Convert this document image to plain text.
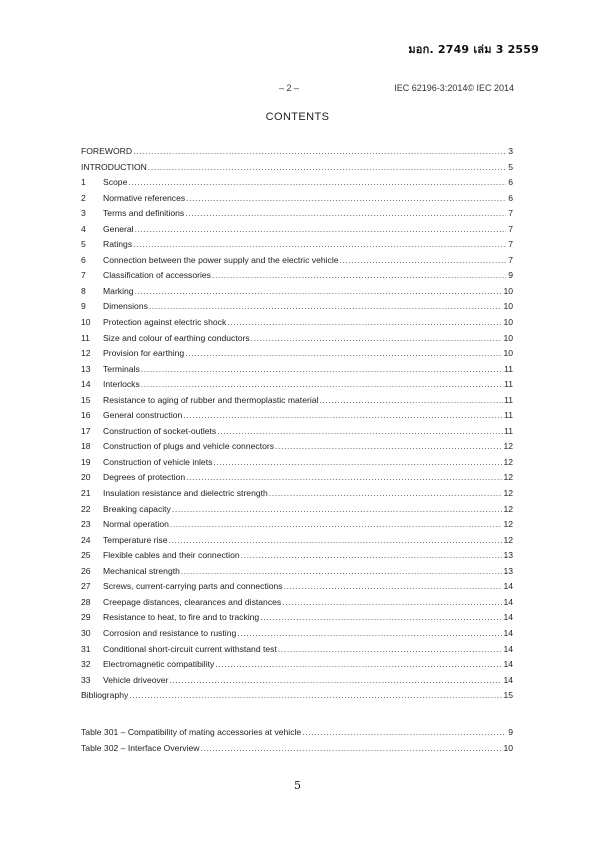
มอก. 2749 เล่ม 3 2559
– 2 –	IEC 62196-3:2014© IEC 2014
CONTENTS
FOREWORD .....	3
INTRODUCTION .....	5
1	Scope .....	6
2	Normative references .....	6
3	Terms and definitions .....	7
4	General .....	7
5	Ratings .....	7
6	Connection between the power supply and the electric vehicle .....	7
7	Classification of accessories .....	9
8	Marking .....	10
9	Dimensions .....	10
10	Protection against electric shock .....	10
11	Size and colour of earthing conductors .....	10
12	Provision for earthing .....	10
13	Terminals .....	11
14	Interlocks .....	11
15	Resistance to aging of rubber and thermoplastic material .....	11
16	General construction .....	11
17	Construction of socket-outlets .....	11
18	Construction of plugs and vehicle connectors .....	12
19	Construction of vehicle inlets .....	12
20	Degrees of protection .....	12
21	Insulation resistance and dielectric strength .....	12
22	Breaking capacity .....	12
23	Normal operation .....	12
24	Temperature rise .....	12
25	Flexible cables and their connection .....	13
26	Mechanical strength .....	13
27	Screws, current-carrying parts and connections .....	14
28	Creepage distances, clearances and distances .....	14
29	Resistance to heat, to fire and to tracking .....	14
30	Corrosion and resistance to rusting .....	14
31	Conditional short-circuit current withstand test .....	14
32	Electromagnetic compatibility .....	14
33	Vehicle driveover .....	14
Bibliography .....	15
Table 301 – Compatibility of mating accessories at vehicle .....	9
Table 302 – Interface Overview .....	10
5
